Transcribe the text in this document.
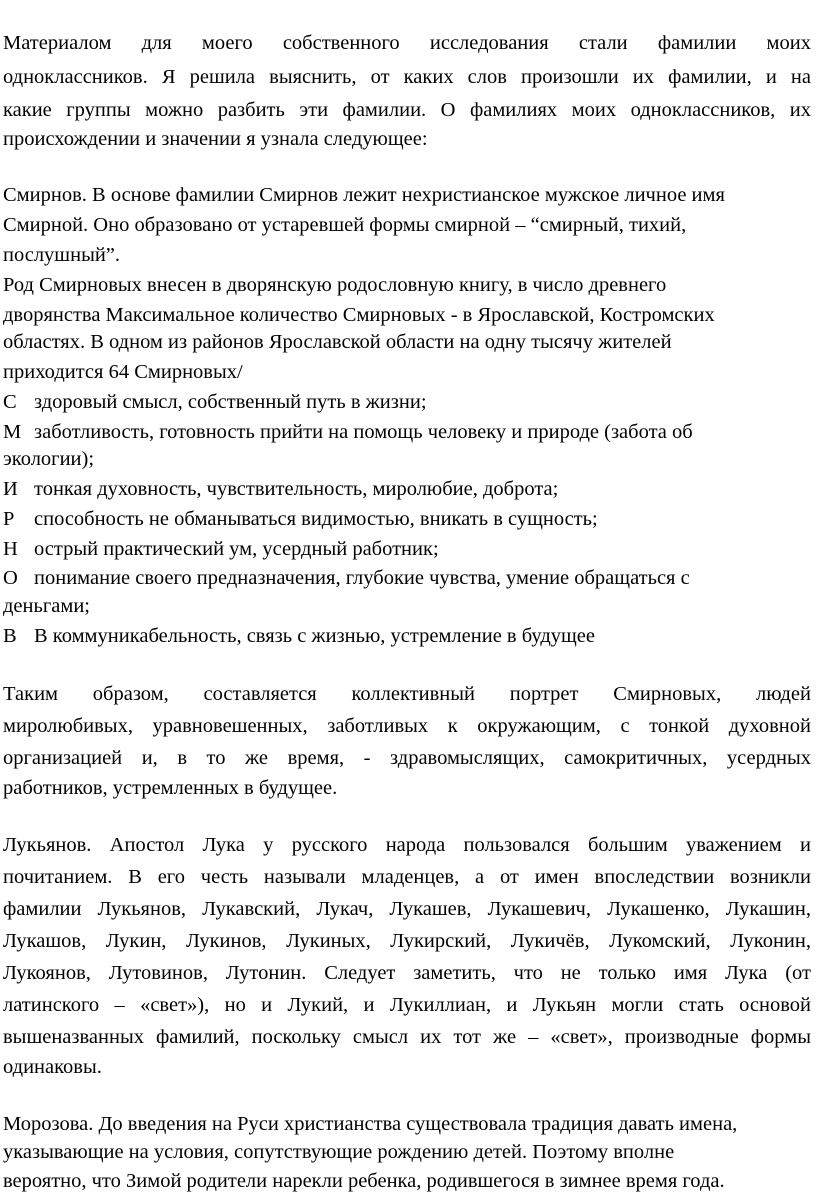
Материалом для моего собственного исследования стали фамилии моих
одноклассников. Я решила выяснить, от каких слов произошли их фамилии, и на
какие группы можно разбить эти фамилии. О фамилиях моих одноклассников, их
происхождении и значении я узнала следующее:
Смирнов. В основе фамилии Смирнов лежит нехристианское мужское личное имя
Смирной. Оно образовано от устаревшей формы смирной – “смирный, тихий,
послушный”.
Род Смирновых внесен в дворянскую родословную книгу, в число древнего
дворянства Максимальное количество Смирновых - в Ярославской, Костромских
областях. В одном из районов Ярославской области на одну тысячу жителей
приходится 64 Смирновых/
С здоровый смысл, собственный путь в жизни;
М заботливость, готовность прийти на помощь человеку и природе (забота об
экологии);
И тонкая духовность, чувствительность, миролюбие, доброта;
Р способность не обманываться видимостью, вникать в сущность;
Н острый практический ум, усердный работник;
О понимание своего предназначения, глубокие чувства, умение обращаться с
деньгами;
В В коммуникабельность, связь с жизнью, устремление в будущее
Таким образом, составляется коллективный портрет Смирновых, людей
миролюбивых, уравновешенных, заботливых к окружающим, с тонкой духовной
организацией и, в то же время, - здравомыслящих, самокритичных, усердных
работников, устремленных в будущее.
Лукьянов. Апостол Лука у русского народа пользовался большим уважением и
почитанием. В его честь называли младенцев, а от имен впоследствии возникли
фамилии Лукьянов, Лукавский, Лукач, Лукашев, Лукашевич, Лукашенко, Лукашин,
Лукашов, Лукин, Лукинов, Лукиных, Лукирский, Лукичёв, Лукомский, Луконин,
Лукоянов, Лутовинов, Лутонин. Следует заметить, что не только имя Лука (от
латинского – «свет»), но и Лукий, и Лукиллиан, и Лукьян могли стать основой
вышеназванных фамилий, поскольку смысл их тот же – «свет», производные формы
одинаковы.
Морозова. До введения на Руси христианства существовала традиция давать имена,
указывающие на условия, сопутствующие рождению детей. Поэтому вполне
вероятно, что Зимой родители нарекли ребенка, родившегося в зимнее время года.
